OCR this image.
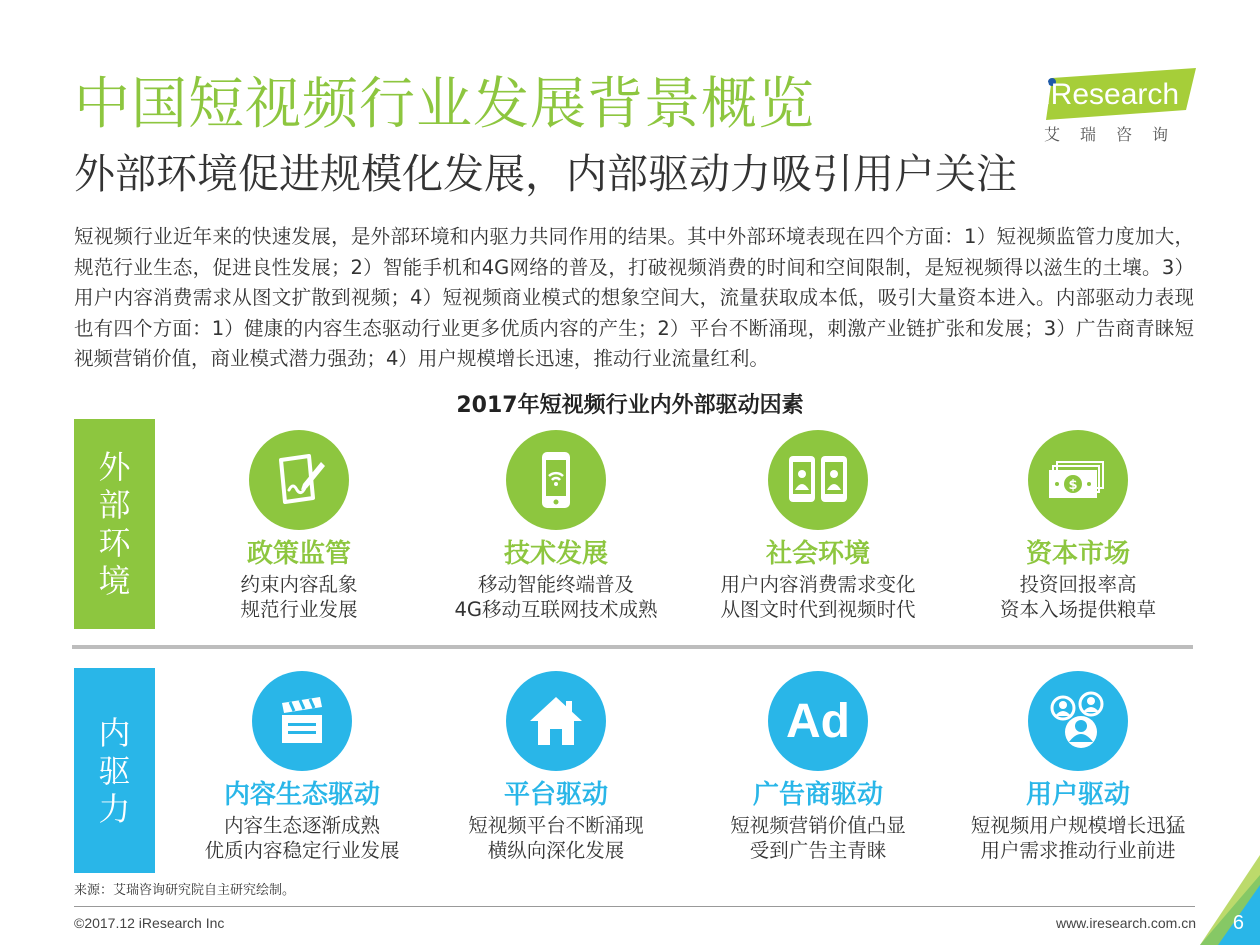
中国短视频行业发展背景概览
外部环境促进规模化发展，内部驱动力吸引用户关注
iResearch
艾瑞咨询
短视频行业近年来的快速发展，是外部环境和内驱力共同作用的结果。其中外部环境表现在四个方面：1）短视频监管力度加大，规范行业生态，促进良性发展；2）智能手机和4G网络的普及，打破视频消费的时间和空间限制，是短视频得以滋生的土壤。3）用户内容消费需求从图文扩散到视频；4）短视频商业模式的想象空间大，流量获取成本低，吸引大量资本进入。内部驱动力表现也有四个方面：1）健康的内容生态驱动行业更多优质内容的产生；2）平台不断涌现，刺激产业链扩张和发展；3）广告商青睐短视频营销价值，商业模式潜力强劲；4）用户规模增长迅速，推动行业流量红利。
2017年短视频行业内外部驱动因素
外
部
环
境
政策监管
约束内容乱象
规范行业发展
技术发展
移动智能终端普及
4G移动互联网技术成熟
社会环境
用户内容消费需求变化
从图文时代到视频时代
$
资本市场
投资回报率高
资本入场提供粮草
内
驱
力	内容生态驱动
内容生态逐渐成熟
优质内容稳定行业发展
平台驱动
短视频平台不断涌现
横纵向深化发展
Ad
广告商驱动
短视频营销价值凸显
受到广告主青睐
用户驱动
短视频用户规模增长迅猛
用户需求推动行业前进
来源：艾瑞咨询研究院自主研究绘制。
©2017.12 iResearch Inc	www.iresearch.com.cn 6
